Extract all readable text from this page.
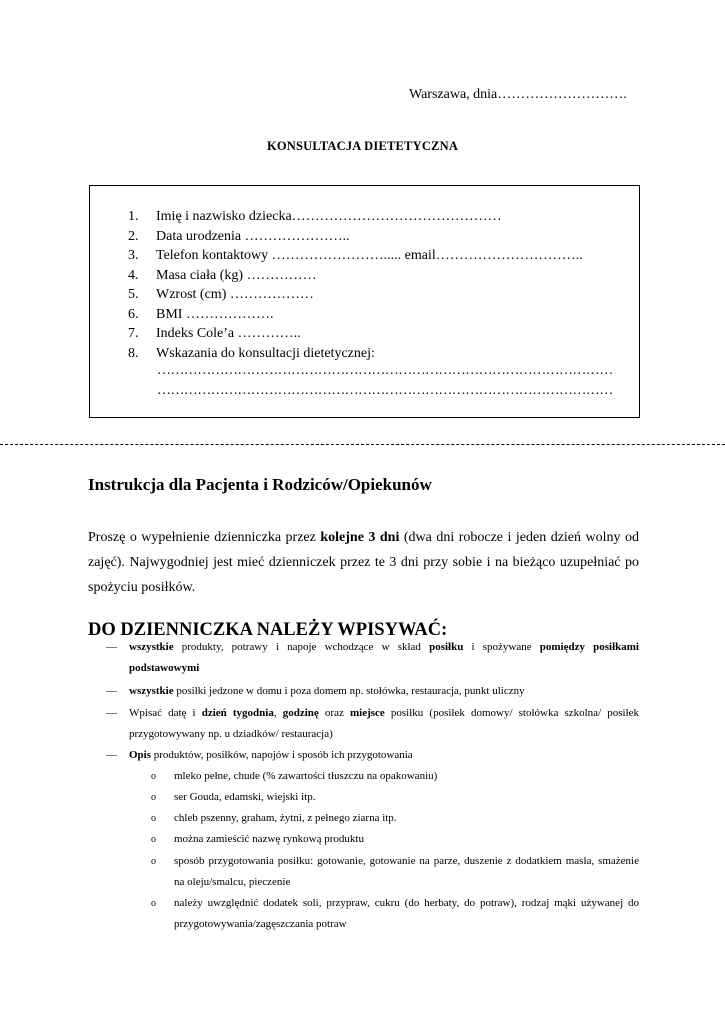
Warszawa, dnia……………………….
KONSULTACJA DIETETYCZNA
1.	Imię i nazwisko dziecka………………………………………
2.	Data urodzenia …………………..
3.	Telefon kontaktowy ……………………..... email…………………………..
4.	Masa ciała (kg) ……………
5.	Wzrost (cm) ………………
6.	BMI ……………….
7.	Indeks Cole’a …………..
8.	Wskazania do konsultacji dietetycznej:
…………………………………………………………………………………………
…………………………………………………………………………………………
Instrukcja dla Pacjenta i Rodziców/Opiekunów

Proszę o wypełnienie dzienniczka przez kolejne 3 dni (dwa dni robocze i jeden dzień wolny od zajęć). Najwygodniej jest mieć dzienniczek przez te 3 dni przy sobie i na bieżąco uzupełniać po spożyciu posiłków.

DO DZIENNICZKA NALEŻY WPISYWAĆ:
— wszystkie produkty, potrawy i napoje wchodzące w skład posiłku i spożywane pomiędzy posiłkami podstawowymi
— wszystkie posiłki jedzone w domu i poza domem np. stołówka, restauracja, punkt uliczny
— Wpisać datę i dzień tygodnia, godzinę oraz miejsce posiłku (posiłek domowy/ stołówka szkolna/ posiłek przygotowywany np. u dziadków/ restauracja)
— Opis produktów, posiłków, napojów i sposób ich przygotowania
o mleko pełne, chude (% zawartości tłuszczu na opakowaniu)
o ser Gouda, edamski, wiejski itp.
o chleb pszenny, graham, żytni, z pełnego ziarna itp.
o można zamieścić nazwę rynkową produktu
o sposób przygotowania posiłku: gotowanie, gotowanie na parze, duszenie z dodatkiem masła, smażenie na oleju/smalcu, pieczenie
o należy uwzględnić dodatek soli, przypraw, cukru (do herbaty, do potraw), rodzaj mąki używanej do przygotowywania/zagęszczania potraw
